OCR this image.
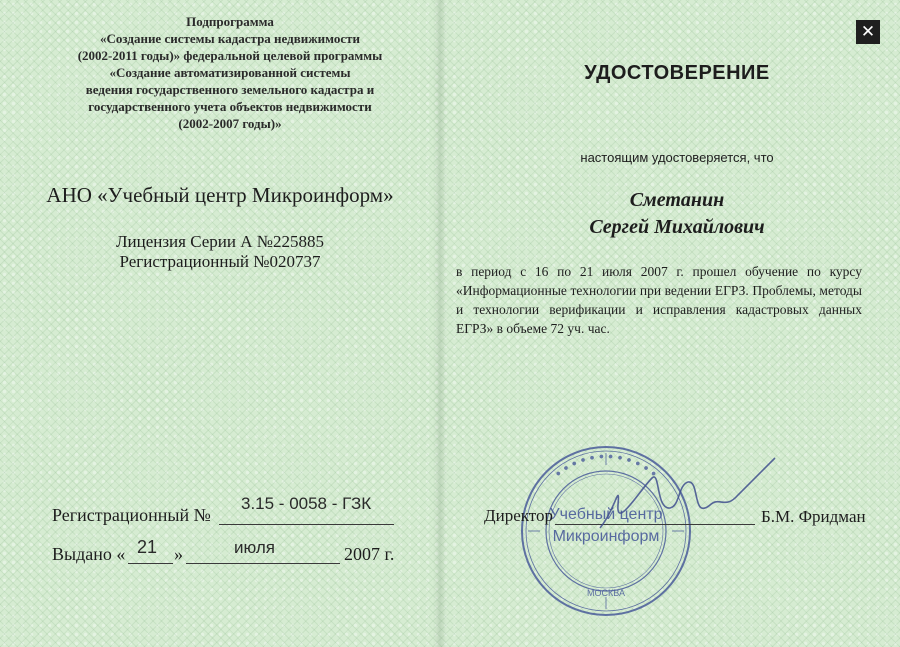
Подпрограмма
«Создание системы кадастра недвижимости
(2002-2011 годы)» федеральной целевой программы
«Создание автоматизированной системы
ведения государственного земельного кадастра и
государственного учета объектов недвижимости
(2002-2007 годы)»
АНО «Учебный центр Микроинформ»
Лицензия Серии А №225885
Регистрационный №020737
Регистрационный №
3.15 - 0058 - ГЗК
Выдано « 21 »	июля	2007 г.
✕
УДОСТОВЕРЕНИЕ
настоящим удостоверяется, что
Сметанин
Сергей Михайлович
в период с 16 по 21 июля 2007 г. прошел обучение по курсу «Информационные технологии при ведении ЕГРЗ. Проблемы, методы и технологии верификации и исправления кадастровых данных ЕГРЗ» в объеме 72 уч. час.
• • • • • • • • • • • •
МОСКВА
Учебный центр
Микроинформ
Директор	Б.М. Фридман
